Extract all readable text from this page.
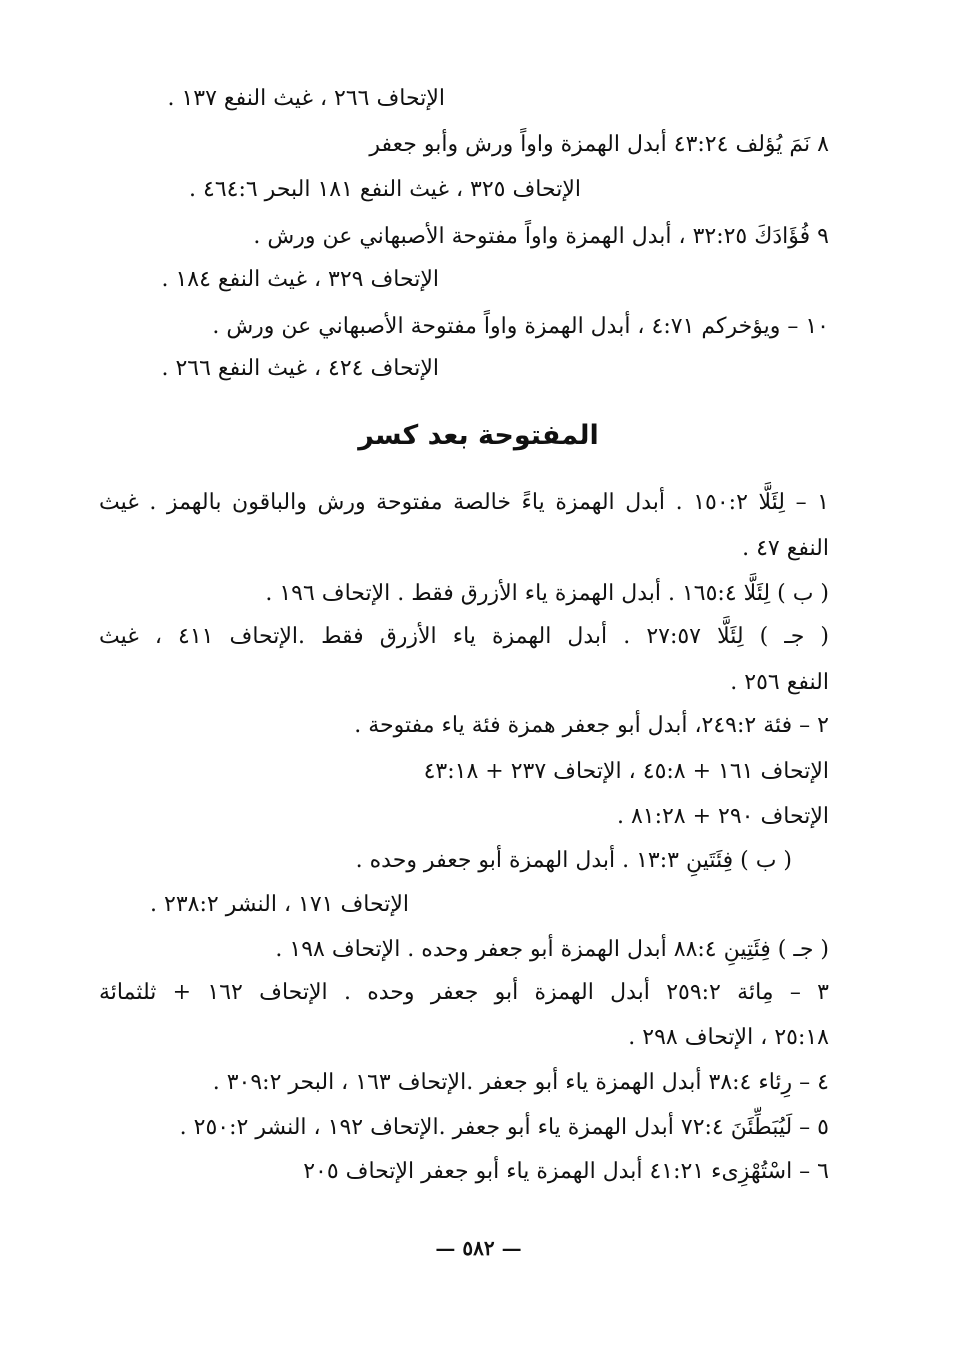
الإتحاف ٢٦٦ ، غيث النفع ١٣٧ .
٨ نَمَ يُؤلف ٤٣:٢٤ أبدل الهمزة واواً ورش وأبو جعفر
الإتحاف ٣٢٥ ، غيث النفع ١٨١ البحر ٤٦٤:٦ .
٩ فُؤَادَكَ ٣٢:٢٥ ، أبدل الهمزة واواً مفتوحة الأصبهاني عن ورش .
الإتحاف ٣٢٩ ، غيث النفع ١٨٤ .
١٠ – ويؤخركم ٤:٧١ ، أبدل الهمزة واواً مفتوحة الأصبهاني عن ورش .
الإتحاف ٤٢٤ ، غيث النفع ٢٦٦ .
المفتوحة بعد كسر
١ – لِئَلَّا ١٥٠:٢ . أبدل الهمزة ياءً خالصة مفتوحة ورش والباقون بالهمز . غيث
النفع ٤٧ .
( ب ) لِئَلَّا ١٦٥:٤ . أبدل الهمزة ياء الأزرق فقط . الإتحاف ١٩٦ .
( جـ ) لِئَلَّا ٢٧:٥٧ . أبدل الهمزة ياء الأزرق فقط .الإتحاف ٤١١ ، غيث
النفع ٢٥٦ .
٢ – فئة ٢٤٩:٢، أبدل أبو جعفر همزة فئة ياء مفتوحة .
الإتحاف ١٦١ + ٤٥:٨ ، الإتحاف ٢٣٧ + ٤٣:١٨
الإتحاف ٢٩٠ + ٨١:٢٨ .
( ب ) فِئَتَينِ ١٣:٣ . أبدل الهمزة أبو جعفر وحده .
الإتحاف ١٧١ ، النشر ٢٣٨:٢ .
( جـ ) فِئَتِينِ ٨٨:٤ أبدل الهمزة أبو جعفر وحده . الإتحاف ١٩٨ .
٣ – مِائة ٢٥٩:٢ أبدل الهمزة أبو جعفر وحده . الإتحاف ١٦٢ + ثلثمائة
٢٥:١٨ ، الإتحاف ٢٩٨ .
٤ – رِئاء ٣٨:٤ أبدل الهمزة ياء أبو جعفر .الإتحاف ١٦٣ ، البحر ٣٠٩:٢ .
٥ – لَيُبَطِّئَنَ ٧٢:٤ أبدل الهمزة ياء أبو جعفر .الإتحاف ١٩٢ ، النشر ٢٥٠:٢ .
٦ – اسْتُهْزِىء ٤١:٢١ أبدل الهمزة ياء أبو جعفر الإتحاف ٢٠٥
— ٥٨٢ —
